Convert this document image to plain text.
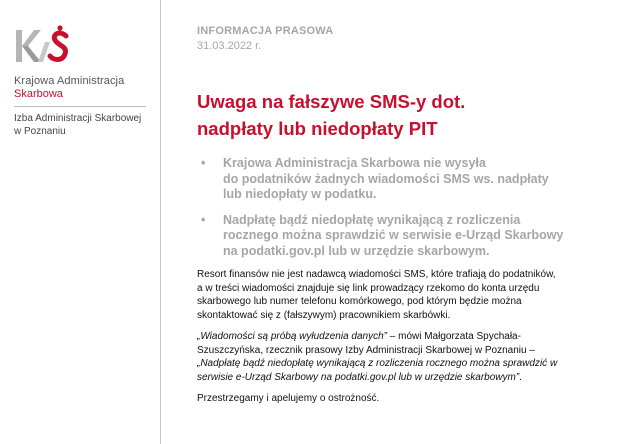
Krajowa Administracja
Skarbowa
Izba Administracji Skarbowej
w Poznaniu
INFORMACJA PRASOWA
31.03.2022 r.
Uwaga na fałszywe SMS-y dot.
nadpłaty lub niedopłaty PIT
• Krajowa Administracja Skarbowa nie wysyła
do podatników żadnych wiadomości SMS ws. nadpłaty
lub niedopłaty w podatku.
• Nadpłatę bądź niedopłatę wynikającą z rozliczenia
rocznego można sprawdzić w serwisie e-Urząd Skarbowy
na podatki.gov.pl lub w urzędzie skarbowym.
Resort finansów nie jest nadawcą wiadomości SMS, które trafiają do podatników,
a w treści wiadomości znajduje się link prowadzący rzekomo do konta urzędu
skarbowego lub numer telefonu komórkowego, pod którym będzie można
skontaktować się z (fałszywym) pracownikiem skarbówki.
„Wiadomości są próbą wyłudzenia danych” – mówi Małgorzata Spychała-
Szuszczyńska, rzecznik prasowy Izby Administracji Skarbowej w Poznaniu –
„Nadpłatę bądź niedopłatę wynikającą z rozliczenia rocznego można sprawdzić w
serwisie e-Urząd Skarbowy na podatki.gov.pl lub w urzędzie skarbowym”.
Przestrzegamy i apelujemy o ostrożność.
